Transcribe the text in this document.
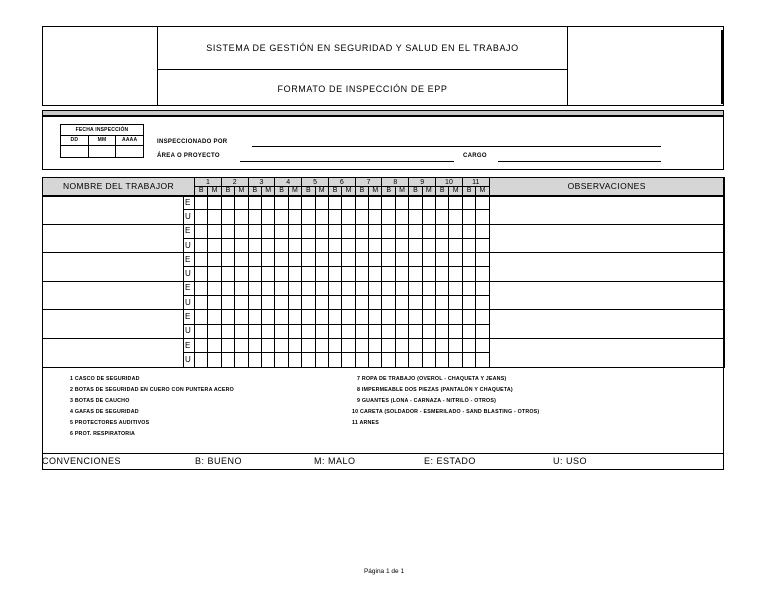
SISTEMA DE GESTIÓN EN SEGURIDAD Y SALUD EN EL TRABAJO
FORMATO DE INSPECCIÓN DE EPP
FECHA INSPECCIÓN		
DD	MM	AAAA
			INSPECCIONADO POR
ÁREA O PROYECTO	CARGO
NOMBRE DEL TRABAJOR		1		2		3		4		5		6		7		8		9		10		11		OBSERVACIONES
		B	M	B	M	B	M	B	M	B	M	B	M	B	M	B	M	B	M	B	M	B	M	
	E																							
	U																							
	E																							
	U																							
	E																							
	U																							
	E																							
	U																							
	E																							
	U																							
	E																							
	U																							
1 CASCO DE SEGURIDAD
2 BOTAS DE SEGURIDAD EN CUERO CON PUNTERA ACERO
3 BOTAS DE CAUCHO
4 GAFAS DE SEGURIDAD
5 PROTECTORES AUDITIVOS
6 PROT. RESPIRATORIA
7 ROPA DE TRABAJO (OVEROL - CHAQUETA Y JEANS)
8 IMPERMEABLE DOS PIEZAS (PANTALÓN Y CHAQUETA)
9 GUANTES (LONA - CARNAZA - NITRILO - OTROS)
10 CARETA (SOLDADOR - ESMERILADO - SAND BLASTING - OTROS)
11 ARNES
CONVENCIONES	B: BUENO	M: MALO	E: ESTADO	U: USO
Página 1 de 1
